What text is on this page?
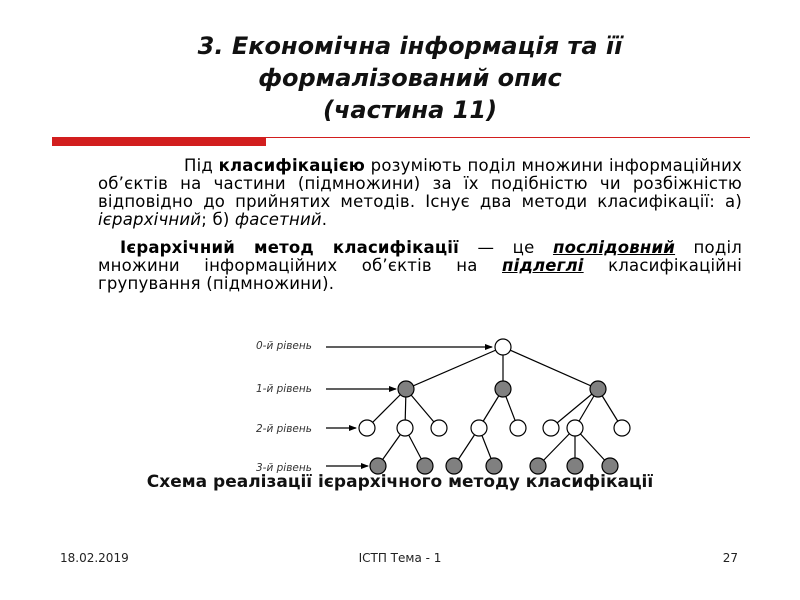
3. Економічна інформація та її
формалізований опис
(частина 11)
Під класифікацією розуміють поділ множини інформаційних об’єктів на частини (підмножини) за їх подібністю чи розбіжністю відповідно до прийнятих методів. Існує два методи класифікації: а) ієрархічний; б) фасетний.
Ієрархічний метод класифікації — це послідовний поділ множини інформаційних об’єктів на підлеглі класифікаційні групування (підмножини).
0-й рівень
1-й рівень
2-й рівень
3-й рівень
Схема реалізації ієрархічного методу класифікації
18.02.2019	ІСТП Тема - 1	27
